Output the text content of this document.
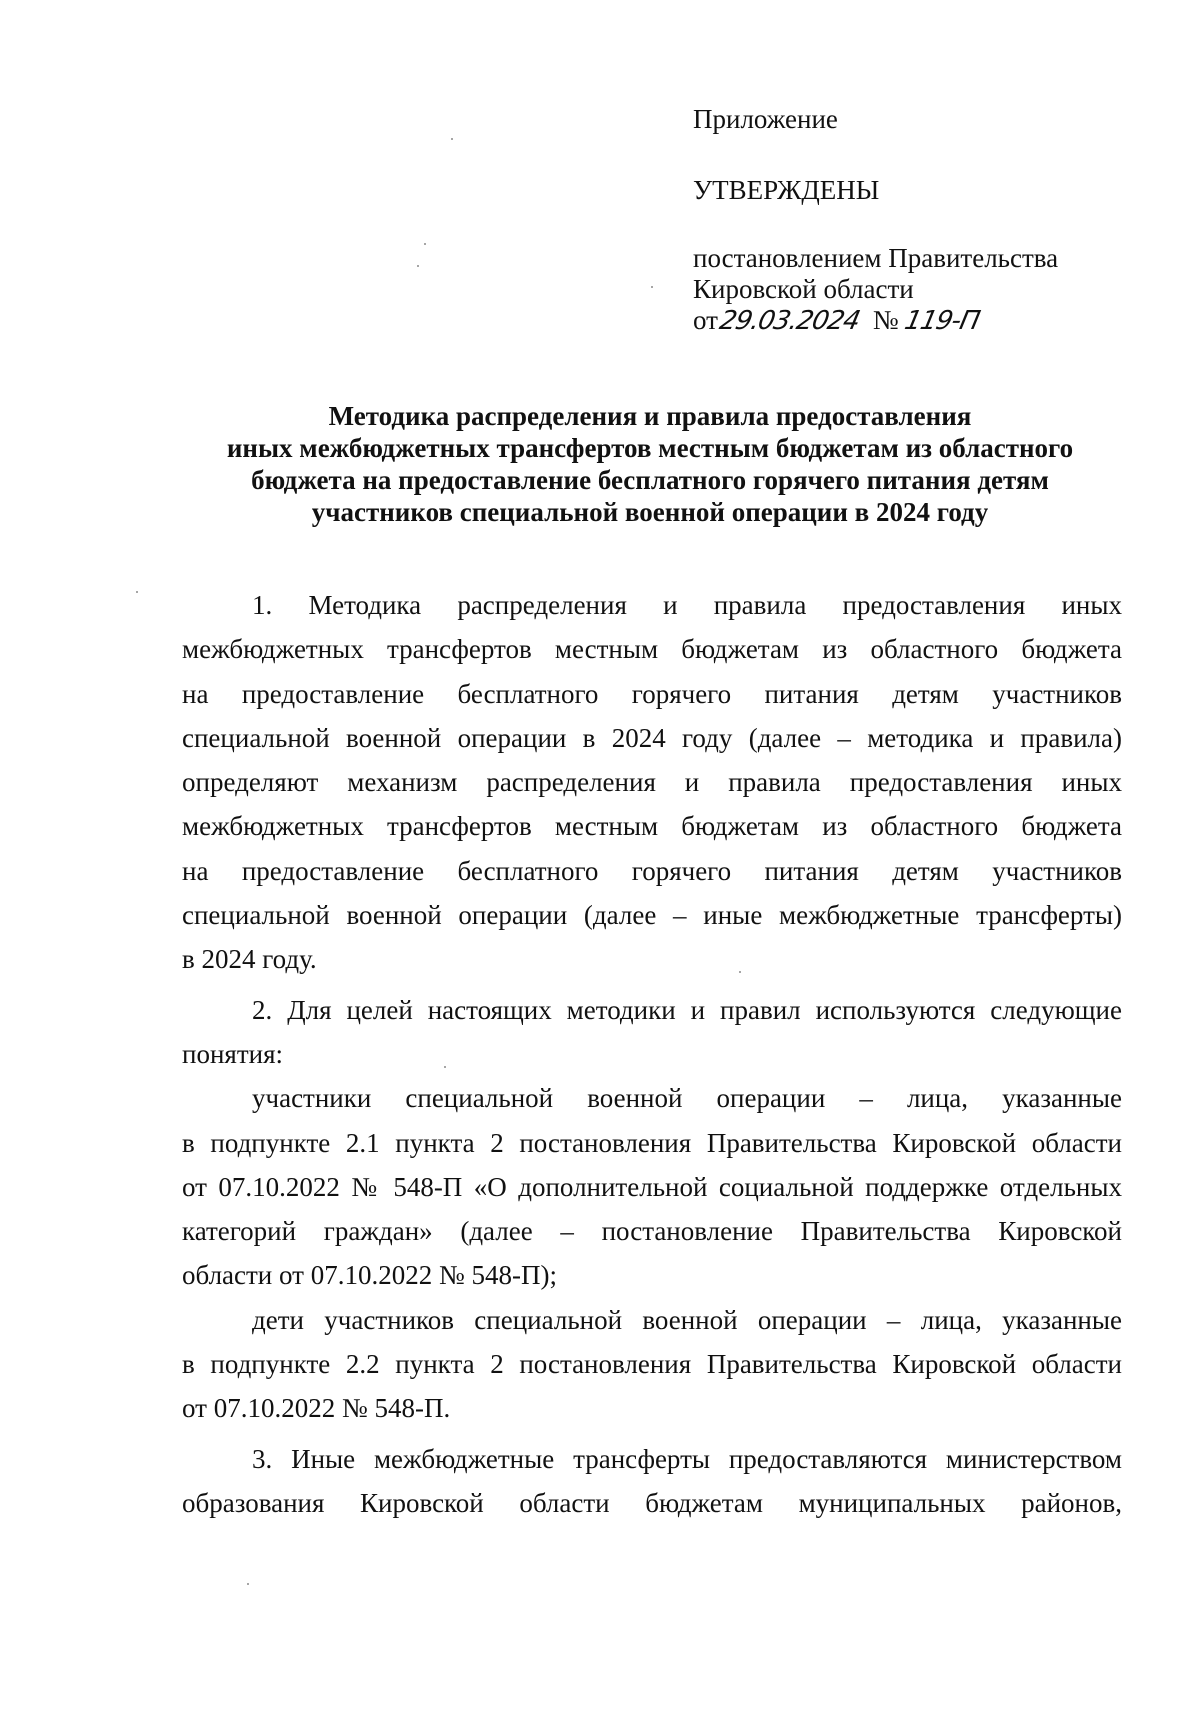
Приложение
УТВЕРЖДЕНЫ
постановлением Правительства
Кировской области
от29.03.2024 № 119-П
Методика распределения и правила предоставления
иных межбюджетных трансфертов местным бюджетам из областного
бюджета на предоставление бесплатного горячего питания детям
участников специальной военной операции в 2024 году
1. Методика распределения и правила предоставления иных
межбюджетных трансфертов местным бюджетам из областного бюджета
на предоставление бесплатного горячего питания детям участников
специальной военной операции в 2024 году (далее – методика и правила)
определяют механизм распределения и правила предоставления иных
межбюджетных трансфертов местным бюджетам из областного бюджета
на предоставление бесплатного горячего питания детям участников
специальной военной операции (далее – иные межбюджетные трансферты)
в 2024 году.
2. Для целей настоящих методики и правил используются следующие
понятия:
участники специальной военной операции – лица, указанные
в подпункте 2.1 пункта 2 постановления Правительства Кировской области
от 07.10.2022 № 548-П «О дополнительной социальной поддержке отдельных
категорий граждан» (далее – постановление Правительства Кировской
области от 07.10.2022 № 548-П);
дети участников специальной военной операции – лица, указанные
в подпункте 2.2 пункта 2 постановления Правительства Кировской области
от 07.10.2022 № 548-П.
3. Иные межбюджетные трансферты предоставляются министерством
образования Кировской области бюджетам муниципальных районов,
